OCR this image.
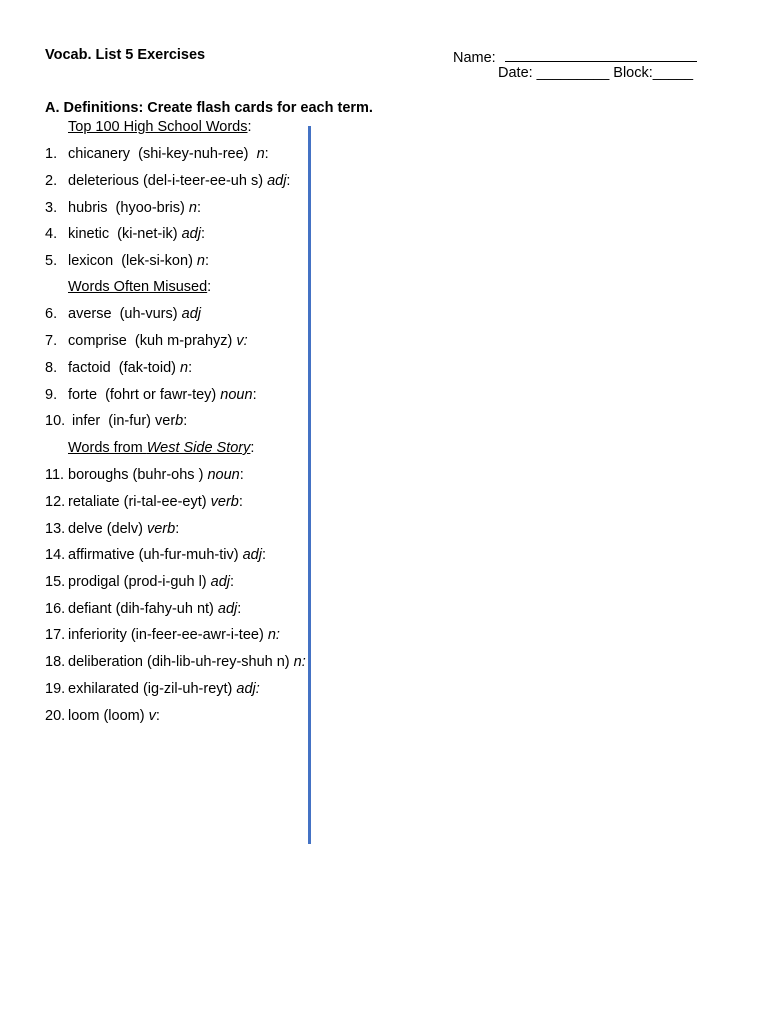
Vocab. List 5 Exercises	Name:
Date: _________ Block:_____
A. Definitions: Create flash cards for each term.
Top 100 High School Words:
Words Often Misused:
Words from West Side Story:
1. chicanery  (shi-key-nuh-ree)  n:
2. deleterious (del-i-teer-ee-uh s) adj:
3. hubris  (hyoo-bris) n:
4. kinetic  (ki-net-ik) adj:
5. lexicon  (lek-si-kon) n:
6. averse  (uh-vurs) adj
7. comprise  (kuh m-prahyz) v:
8. factoid  (fak-toid) n:
9. forte  (fohrt or fawr-tey) noun:
10. infer  (in-fur) verb:
11. boroughs (buhr-ohs ) noun:
12. retaliate (ri-tal-ee-eyt) verb:
13. delve (delv) verb:
14. affirmative (uh-fur-muh-tiv) adj:
15. prodigal (prod-i-guh l) adj:
16. defiant (dih-fahy-uh nt) adj:
17. inferiority (in-feer-ee-awr-i-tee) n:
18. deliberation (dih-lib-uh-rey-shuh n) n:
19. exhilarated (ig-zil-uh-reyt) adj:
20. loom (loom) v:
